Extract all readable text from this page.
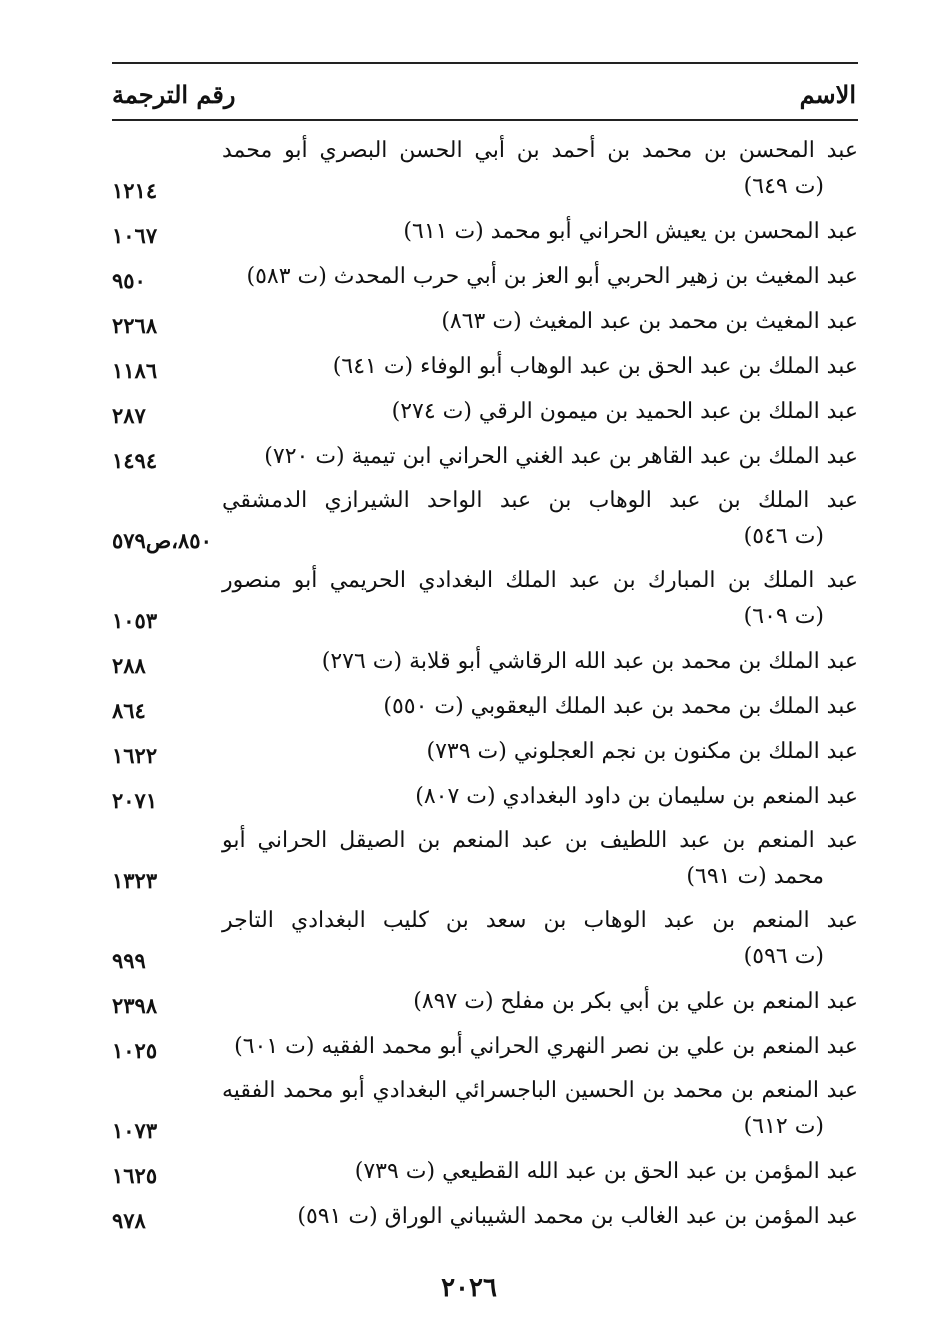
الاسم
رقم الترجمة
عبد المحسن بن محمد بن أحمد بن أبي الحسن البصري أبو محمد
(ت ٦٤٩)
١٢١٤
عبد المحسن بن يعيش الحراني أبو محمد (ت ٦١١)
١٠٦٧
عبد المغيث بن زهير الحربي أبو العز بن أبي حرب المحدث (ت ٥٨٣)
٩٥٠
عبد المغيث بن محمد بن عبد المغيث (ت ٨٦٣)
٢٢٦٨
عبد الملك بن عبد الحق بن عبد الوهاب أبو الوفاء (ت ٦٤١)
١١٨٦
عبد الملك بن عبد الحميد بن ميمون الرقي (ت ٢٧٤)
٢٨٧
عبد الملك بن عبد القاهر بن عبد الغني الحراني ابن تيمية (ت ٧٢٠)
١٤٩٤
عبد الملك بن عبد الوهاب بن عبد الواحد الشيرازي الدمشقي
(ت ٥٤٦)
٨٥٠،ص٥٧٩
عبد الملك بن المبارك بن عبد الملك البغدادي الحريمي أبو منصور
(ت ٦٠٩)
١٠٥٣
عبد الملك بن محمد بن عبد الله الرقاشي أبو قلابة (ت ٢٧٦)
٢٨٨
عبد الملك بن محمد بن عبد الملك اليعقوبي (ت ٥٥٠)
٨٦٤
عبد الملك بن مكنون بن نجم العجلوني (ت ٧٣٩)
١٦٢٢
عبد المنعم بن سليمان بن داود البغدادي (ت ٨٠٧)
٢٠٧١
عبد المنعم بن عبد اللطيف بن عبد المنعم بن الصيقل الحراني أبو
محمد (ت ٦٩١)
١٣٢٣
عبد المنعم بن عبد الوهاب بن سعد بن كليب البغدادي التاجر
(ت ٥٩٦)
٩٩٩
عبد المنعم بن علي بن أبي بكر بن مفلح (ت ٨٩٧)
٢٣٩٨
عبد المنعم بن علي بن نصر النهري الحراني أبو محمد الفقيه (ت ٦٠١)
١٠٢٥
عبد المنعم بن محمد بن الحسين الباجسرائي البغدادي أبو محمد الفقيه
(ت ٦١٢)
١٠٧٣
عبد المؤمن بن عبد الحق بن عبد الله القطيعي (ت ٧٣٩)
١٦٢٥
عبد المؤمن بن عبد الغالب بن محمد الشيباني الوراق (ت ٥٩١)
٩٧٨
٢٠٢٦
